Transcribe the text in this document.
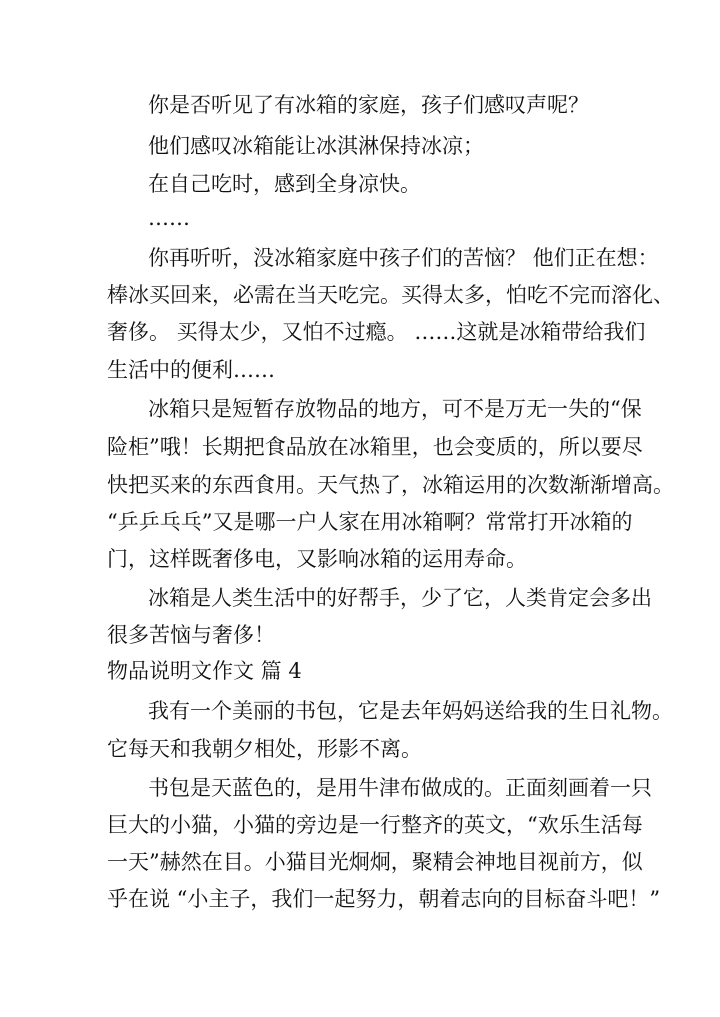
你是否听见了有冰箱的家庭，孩子们感叹声呢？
他们感叹冰箱能让冰淇淋保持冰凉；
在自己吃时，感到全身凉快。
……
你再听听，没冰箱家庭中孩子们的苦恼？ 他们正在想：
棒冰买回来，必需在当天吃完。买得太多，怕吃不完而溶化、
奢侈。 买得太少，又怕不过瘾。 ……这就是冰箱带给我们
生活中的便利……
冰箱只是短暂存放物品的地方，可不是万无一失的“保
险柜”哦！长期把食品放在冰箱里，也会变质的，所以要尽
快把买来的东西食用。天气热了，冰箱运用的次数渐渐增高。
“乒乒乓乓”又是哪一户人家在用冰箱啊？常常打开冰箱的
门，这样既奢侈电，又影响冰箱的运用寿命。
冰箱是人类生活中的好帮手，少了它，人类肯定会多出
很多苦恼与奢侈！
物品说明文作文 篇 4
我有一个美丽的书包，它是去年妈妈送给我的生日礼物。
它每天和我朝夕相处，形影不离。
书包是天蓝色的，是用牛津布做成的。正面刻画着一只
巨大的小猫，小猫的旁边是一行整齐的英文，“欢乐生活每
一天”赫然在目。小猫目光炯炯，聚精会神地目视前方，似
乎在说 “小主子，我们一起努力，朝着志向的目标奋斗吧！”
